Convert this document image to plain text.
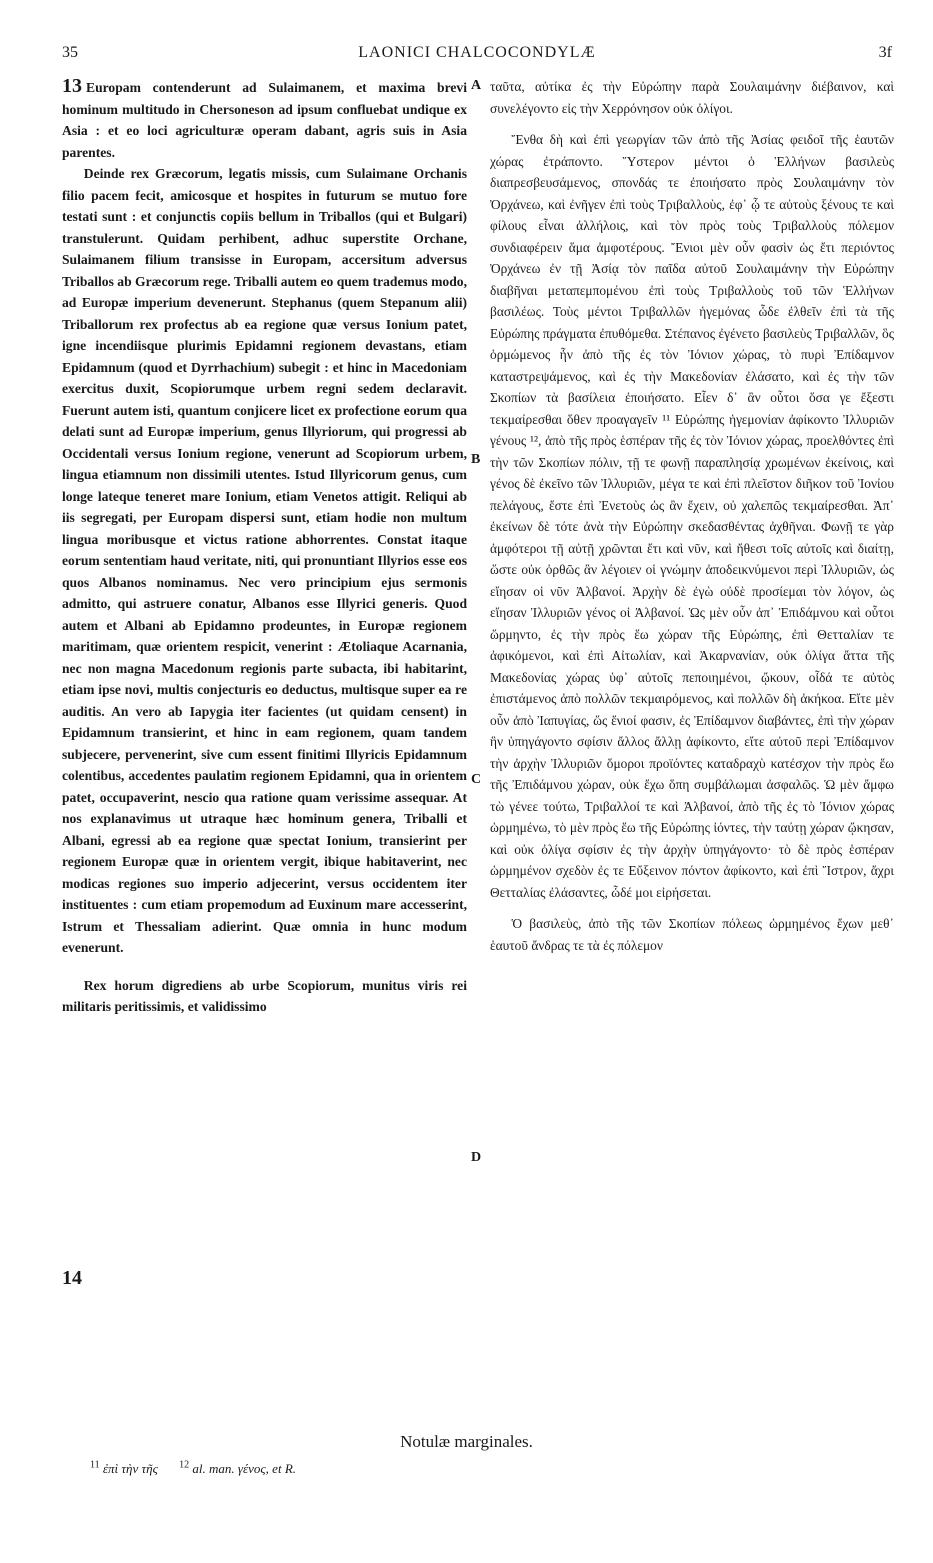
35	LAONICI CHALCOCONDYLÆ	3f

13 Europam contenderunt ad Sulaimanem, et maxima brevi hominum multitudo in Chersoneson ad ipsum confluebat undique ex Asia : et eo loci agriculturæ operam dabant, agris suis in Asia parentes.

Deinde rex Græcorum, legatis missis, cum Sulaimane Orchanis filio pacem fecit, amicosque et hospites in futurum se mutuo fore testati sunt : et conjunctis copiis bellum in Triballos (qui et Bulgari) transtulerunt. Quidam perhibent, adhuc superstite Orchane, Sulaimanem filium transisse in Europam, accersitum adversus Triballos ab Græcorum rege. Triballi autem eo quem trademus modo, ad Europæ imperium devenerunt. Stephanus (quem Stepanum alii) Triballorum rex profectus ab ea regione quæ versus Ionium patet, igne incendiisque plurimis Epidamni regionem devastans, etiam Epidamnum (quod et Dyrrhachium) subegit : et hinc in Macedoniam exercitus duxit, Scopiorumque urbem regni sedem declaravit. Fuerunt autem isti, quantum conjicere licet ex profectione eorum qua delati sunt ad Europæ imperium, genus Illyriorum, qui progressi ab Occidentali versus Ionium regione, venerunt ad Scopiorum urbem, lingua etiamnum non dissimili utentes. Istud Illyricorum genus, cum longe lateque teneret mare Ionium, etiam Venetos attigit. Reliqui ab iis segregati, per Europam dispersi sunt, etiam hodie non multum lingua moribusque et victus ratione abhorrentes. Constat itaque eorum sententiam haud veritate, niti, qui pronuntiant Illyrios esse eos quos Albanos nominamus. Nec vero principium ejus sermonis admitto, qui astruere conatur, Albanos esse Illyrici generis. Quod autem et Albani ab Epidamno prodeuntes, in Europæ regionem maritimam, quæ orientem respicit, venerint : Ætoliaque Acarnania, nec non magna Macedonum regionis parte subacta, ibi habitarint, etiam ipse novi, multis conjecturis eo deductus, multisque super ea re auditis. An vero ab Iapygia iter facientes (ut quidam censent) in Epidamnum transierint, et hinc in eam regionem, quam tandem subjecere, pervenerint, sive cum essent finitimi Illyricis Epidamnum colentibus, accedentes paulatim regionem Epidamni, qua in orientem patet, occupaverint, nescio qua ratione quam verissime assequar. At nos explanavimus ut utraque hæc hominum genera, Triballi et Albani, egressi ab ea regione quæ spectat Ionium, transierint per regionem Europæ quæ in orientem vergit, ibique habitaverint, nec modicas regiones suo imperio adjecerint, versus occidentem iter instituentes : cum etiam propemodum ad Euxinum mare accesserint, Istrum et Thessaliam adierint. Quæ omnia in hunc modum evenerunt.

Rex horum digrediens ab urbe Scopiorum, munitus viris rei militaris peritissimis, et validissimo

14
A
B
C
D

ταῦτα, αὐτίκα ἐς τὴν Εὐρώπην παρὰ Σουλαιμάνην διέβαινον, καὶ συνελέγοντο εἰς τὴν Χερρόνησον οὐκ ὀλίγοι.

Ἔνθα δὴ καὶ ἐπὶ γεωργίαν τῶν ἀπὸ τῆς Ἀσίας φειδοῖ τῆς ἑαυτῶν χώρας ἐτράποντο. Ὕστερον μέντοι ὁ Ἑλλήνων βασιλεὺς διαπρεσβευσάμενος, σπονδάς τε ἐποιήσατο πρὸς Σουλαιμάνην τὸν Ὀρχάνεω, καὶ ἐνῆγεν ἐπὶ τοὺς Τριβαλλοὺς, ἐφ᾽ ᾧ τε αὐτοὺς ξένους τε καὶ φίλους εἶναι ἀλλήλοις, καὶ τὸν πρὸς τοὺς Τριβαλλοὺς πόλεμον συνδιαφέρειν ἅμα ἀμφοτέρους. Ἔνιοι μὲν οὖν φασὶν ὡς ἔτι περιόντος Ὀρχάνεω ἐν τῇ Ἀσίᾳ τὸν παῖδα αὐτοῦ Σουλαιμάνην τὴν Εὐρώπην διαβῆναι μεταπεμπομένου ἐπὶ τοὺς Τριβαλλοὺς τοῦ τῶν Ἑλλήνων βασιλέως. Τοὺς μέντοι Τριβαλλῶν ἡγεμόνας ὧδε ἐλθεῖν ἐπὶ τὰ τῆς Εὐρώπης πράγματα ἐπυθόμεθα. Στέπανος ἐγένετο βασιλεὺς Τριβαλλῶν, ὃς ὁρμώμενος ἦν ἀπὸ τῆς ἐς τὸν Ἰόνιον χώρας, τὸ πυρὶ Ἐπίδαμνον καταστρεψάμενος, καὶ ἐς τὴν Μακεδονίαν ἐλάσατο, καὶ ἐς τὴν τῶν Σκοπίων τὰ βασίλεια ἐποιήσατο. Εἶεν δ᾽ ἂν οὗτοι ὅσα γε ἔξεστι τεκμαίρεσθαι ὅθεν προαγαγεῖν ¹¹ Εὐρώπης ἡγεμονίαν ἀφίκοντο Ἰλλυριῶν γένους ¹², ἀπὸ τῆς πρὸς ἑσπέραν τῆς ἐς τὸν Ἰόνιον χώρας, προελθόντες ἐπὶ τὴν τῶν Σκοπίων πόλιν, τῇ τε φωνῇ παραπλησίᾳ χρωμένων ἐκείνοις, καὶ γένος δὲ ἐκεῖνο τῶν Ἰλλυριῶν, μέγα τε καὶ ἐπὶ πλεῖστον διῆκον τοῦ Ἰονίου πελάγους, ἔστε ἐπὶ Ἐνετοὺς ὡς ἂν ἔχειν, οὐ χαλεπῶς τεκμαίρεσθαι. Ἀπ᾽ ἐκείνων δὲ τότε ἀνὰ τὴν Εὐρώπην σκεδασθέντας ἀχθῆναι. Φωνῇ τε γὰρ ἀμφότεροι τῇ αὐτῇ χρῶνται ἔτι καὶ νῦν, καὶ ἤθεσι τοῖς αὐτοῖς καὶ διαίτῃ, ὥστε οὐκ ὀρθῶς ἂν λέγοιεν οἱ γνώμην ἀποδεικνύμενοι περὶ Ἰλλυριῶν, ὡς εἴησαν οἱ νῦν Ἀλβανοί. Ἀρχὴν δὲ ἐγὼ οὐδὲ προσίεμαι τὸν λόγον, ὡς εἴησαν Ἰλλυριῶν γένος οἱ Ἀλβανοί. Ὡς μὲν οὖν ἀπ᾽ Ἐπιδάμνου καὶ οὗτοι ὥρμηντο, ἐς τὴν πρὸς ἕω χώραν τῆς Εὐρώπης, ἐπὶ Θετταλίαν τε ἀφικόμενοι, καὶ ἐπὶ Αἰτωλίαν, καὶ Ἀκαρνανίαν, οὐκ ὀλίγα ἄττα τῆς Μακεδονίας χώρας ὑφ᾽ αὑτοῖς πεποιημένοι, ᾤκουν, οἶδά τε αὐτὸς ἐπιστάμενος ἀπὸ πολλῶν τεκμαιρόμενος, καὶ πολλῶν δὴ ἀκήκοα. Εἴτε μὲν οὖν ἀπὸ Ἰαπυγίας, ὥς ἔνιοί φασιν, ἐς Ἐπίδαμνον διαβάντες, ἐπὶ τὴν χώραν ἣν ὑπηγάγοντο σφίσιν ἄλλος ἄλλῃ ἀφίκοντο, εἴτε αὐτοῦ περὶ Ἐπίδαμνον τὴν ἀρχὴν Ἰλλυριῶν ὅμοροι προϊόντες καταδραχὺ κατέσχον τὴν πρὸς ἕω τῆς Ἐπιδάμνου χώραν, οὐκ ἔχω ὅπη συμβάλωμαι ἀσφαλῶς. Ὡ μὲν ἄμφω τὼ γένεε τούτω, Τριβαλλοί τε καὶ Ἀλβανοί, ἀπὸ τῆς ἐς τὸ Ἰόνιον χώρας ὡρμημένω, τὸ μὲν πρὸς ἕω τῆς Εὐρώπης ἰόντες, τὴν ταύτῃ χώραν ᾤκησαν, καὶ οὐκ ὀλίγα σφίσιν ἐς τὴν ἀρχὴν ὑπηγάγοντο· τὸ δὲ πρὸς ἑσπέραν ὡρμημένον σχεδὸν ἐς τε Εὔξεινον πόντον ἀφίκοντο, καὶ ἐπὶ Ἴστρον, ἄχρι Θετταλίας ἐλάσαντες, ὧδέ μοι εἰρήσεται.

Ὁ βασιλεὺς, ἀπὸ τῆς τῶν Σκοπίων πόλεως ὡρμημένος ἔχων μεθ᾽ ἑαυτοῦ ἄνδρας τε τὰ ἐς πόλεμον

Notulæ marginales.
$^{11}$ ἐπὶ τὴν τῆς $^{12}$ al. man. γένος, et R.
